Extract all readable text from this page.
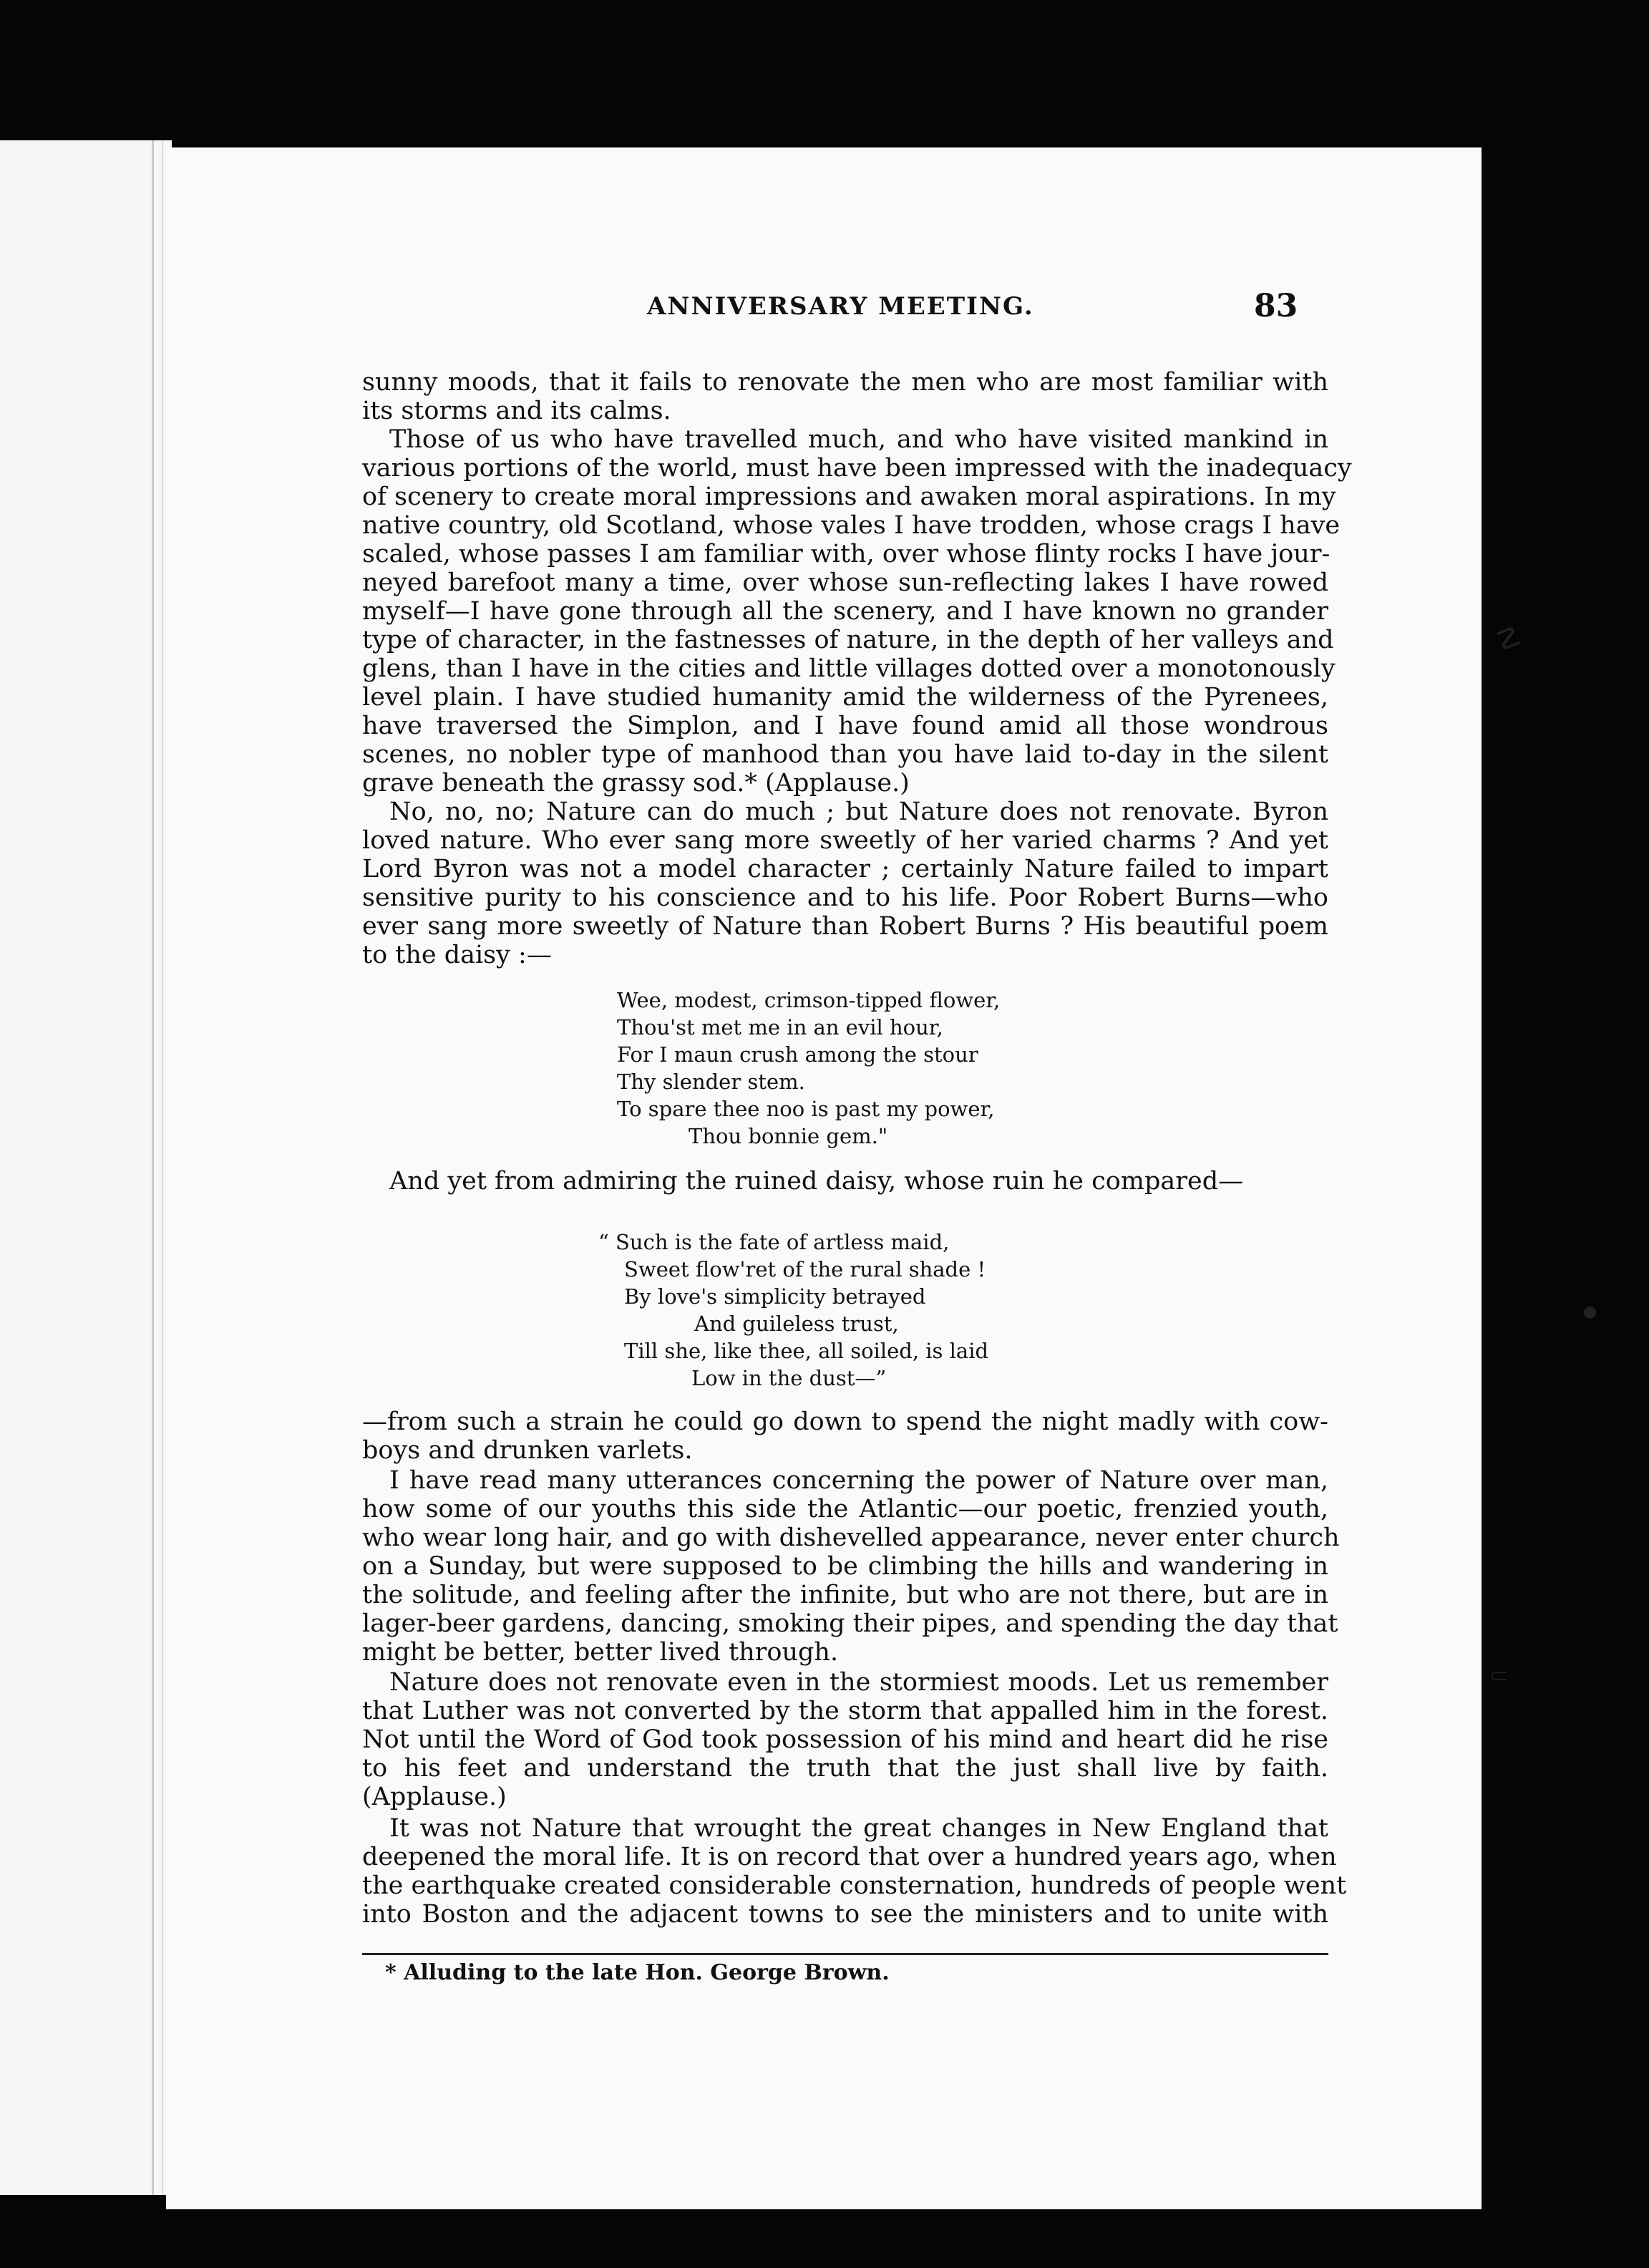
ANNIVERSARY MEETING.	83
sunny moods, that it fails to renovate the men who are most familiar with
its storms and its calms.
Those of us who have travelled much, and who have visited mankind in
various portions of the world, must have been impressed with the inadequacy
of scenery to create moral impressions and awaken moral aspirations. In my
native country, old Scotland, whose vales I have trodden, whose crags I have
scaled, whose passes I am familiar with, over whose flinty rocks I have jour-
neyed barefoot many a time, over whose sun-reflecting lakes I have rowed
myself—I have gone through all the scenery, and I have known no grander
type of character, in the fastnesses of nature, in the depth of her valleys and
glens, than I have in the cities and little villages dotted over a monotonously
level plain. I have studied humanity amid the wilderness of the Pyrenees,
have traversed the Simplon, and I have found amid all those wondrous
scenes, no nobler type of manhood than you have laid to-day in the silent
grave beneath the grassy sod.* (Applause.)
No, no, no; Nature can do much ; but Nature does not renovate. Byron
loved nature. Who ever sang more sweetly of her varied charms ? And yet
Lord Byron was not a model character ; certainly Nature failed to impart
sensitive purity to his conscience and to his life. Poor Robert Burns—who
ever sang more sweetly of Nature than Robert Burns ? His beautiful poem
to the daisy :—
Wee, modest, crimson-tipped flower,
Thou'st met me in an evil hour,
For I maun crush among the stour
Thy slender stem.
To spare thee noo is past my power,
Thou bonnie gem."
And yet from admiring the ruined daisy, whose ruin he compared—
“ Such is the fate of artless maid,
Sweet flow'ret of the rural shade !
By love's simplicity betrayed
And guileless trust,
Till she, like thee, all soiled, is laid
Low in the dust—”
—from such a strain he could go down to spend the night madly with cow-
boys and drunken varlets.
I have read many utterances concerning the power of Nature over man,
how some of our youths this side the Atlantic—our poetic, frenzied youth,
who wear long hair, and go with dishevelled appearance, never enter church
on a Sunday, but were supposed to be climbing the hills and wandering in
the solitude, and feeling after the infinite, but who are not there, but are in
lager-beer gardens, dancing, smoking their pipes, and spending the day that
might be better, better lived through.
Nature does not renovate even in the stormiest moods. Let us remember
that Luther was not converted by the storm that appalled him in the forest.
Not until the Word of God took possession of his mind and heart did he rise
to his feet and understand the truth that the just shall live by faith.
(Applause.)
It was not Nature that wrought the great changes in New England that
deepened the moral life. It is on record that over a hundred years ago, when
the earthquake created considerable consternation, hundreds of people went
into Boston and the adjacent towns to see the ministers and to unite with
* Alluding to the late Hon. George Brown.
☡
●
⸦
